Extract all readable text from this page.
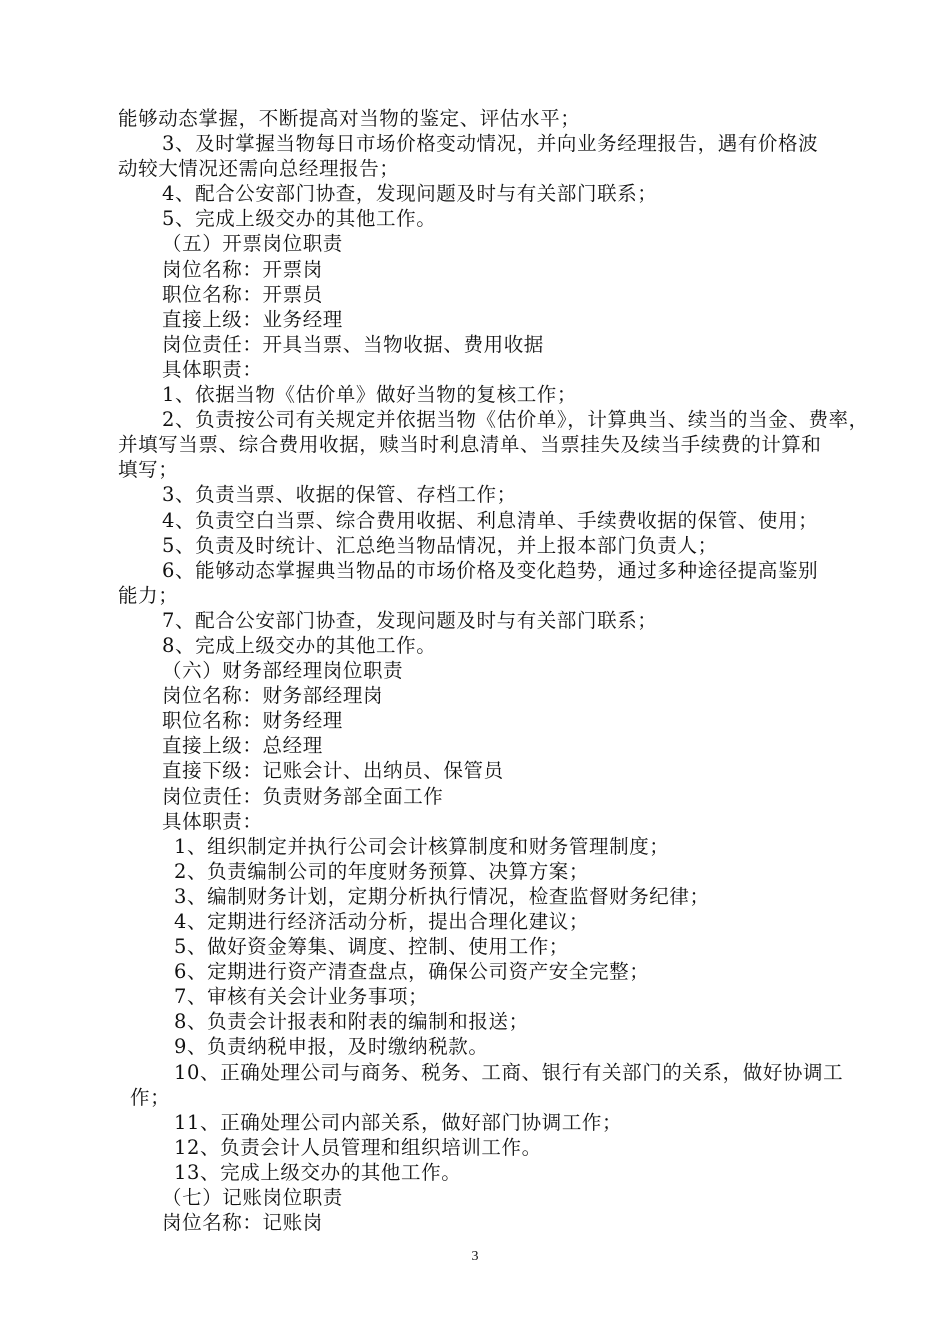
能够动态掌握，不断提高对当物的鉴定、评估水平；
3、及时掌握当物每日市场价格变动情况，并向业务经理报告，遇有价格波
动较大情况还需向总经理报告；
4、配合公安部门协查，发现问题及时与有关部门联系；
5、完成上级交办的其他工作。
（五）开票岗位职责
岗位名称：开票岗
职位名称：开票员
直接上级：业务经理
岗位责任：开具当票、当物收据、费用收据
具体职责：
1、依据当物《估价单》做好当物的复核工作；
2、负责按公司有关规定并依据当物《估价单》，计算典当、续当的当金、费率，
并填写当票、综合费用收据，赎当时利息清单、当票挂失及续当手续费的计算和
填写；
3、负责当票、收据的保管、存档工作；
4、负责空白当票、综合费用收据、利息清单、手续费收据的保管、使用；
5、负责及时统计、汇总绝当物品情况，并上报本部门负责人；
6、能够动态掌握典当物品的市场价格及变化趋势，通过多种途径提高鉴别
能力；
7、配合公安部门协查，发现问题及时与有关部门联系；
8、完成上级交办的其他工作。
（六）财务部经理岗位职责
岗位名称：财务部经理岗
职位名称：财务经理
直接上级：总经理
直接下级：记账会计、出纳员、保管员
岗位责任：负责财务部全面工作
具体职责：
1、组织制定并执行公司会计核算制度和财务管理制度；
2、负责编制公司的年度财务预算、决算方案；
3、编制财务计划，定期分析执行情况，检查监督财务纪律；
4、定期进行经济活动分析，提出合理化建议；
5、做好资金筹集、调度、控制、使用工作；
6、定期进行资产清查盘点，确保公司资产安全完整；
7、审核有关会计业务事项；
8、负责会计报表和附表的编制和报送；
9、负责纳税申报，及时缴纳税款。
10、正确处理公司与商务、税务、工商、银行有关部门的关系，做好协调工
作；
11、正确处理公司内部关系，做好部门协调工作；
12、负责会计人员管理和组织培训工作。
13、完成上级交办的其他工作。
（七）记账岗位职责
岗位名称：记账岗
3
